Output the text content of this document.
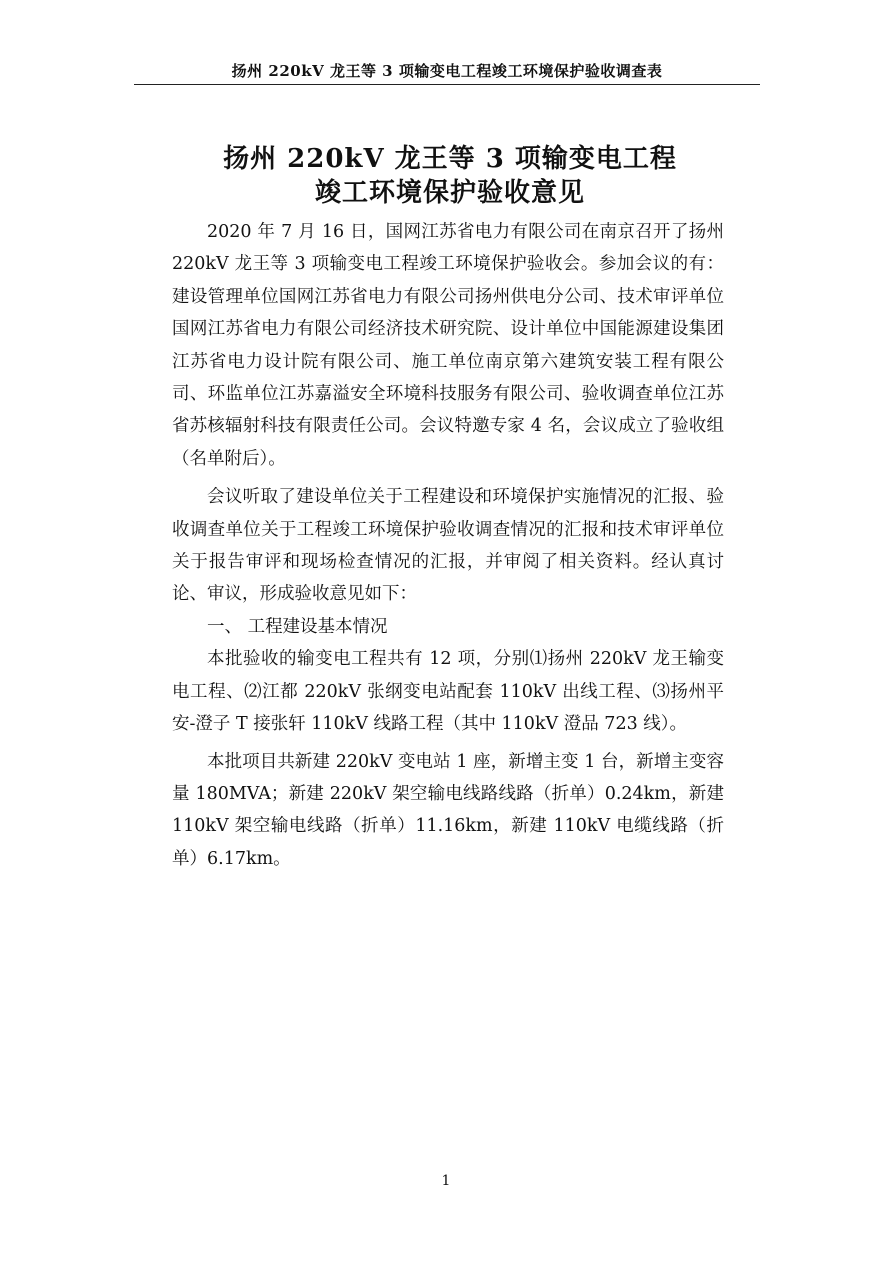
扬州 220kV 龙王等 3 项输变电工程竣工环境保护验收调查表
扬州 220kV 龙王等 3 项输变电工程
竣工环境保护验收意见

2020 年 7 月 16 日，国网江苏省电力有限公司在南京召开了扬州 220kV 龙王等 3 项输变电工程竣工环境保护验收会。参加会议的有：建设管理单位国网江苏省电力有限公司扬州供电分公司、技术审评单位国网江苏省电力有限公司经济技术研究院、设计单位中国能源建设集团江苏省电力设计院有限公司、施工单位南京第六建筑安装工程有限公司、环监单位江苏嘉溢安全环境科技服务有限公司、验收调查单位江苏省苏核辐射科技有限责任公司。会议特邀专家 4 名，会议成立了验收组（名单附后）。

会议听取了建设单位关于工程建设和环境保护实施情况的汇报、验收调查单位关于工程竣工环境保护验收调查情况的汇报和技术审评单位关于报告审评和现场检查情况的汇报，并审阅了相关资料。经认真讨论、审议，形成验收意见如下：

一、 工程建设基本情况

本批验收的输变电工程共有 12 项，分别⑴扬州 220kV 龙王输变电工程、⑵江都 220kV 张纲变电站配套 110kV 出线工程、⑶扬州平安-澄子 T 接张轩 110kV 线路工程（其中 110kV 澄品 723 线）。

本批项目共新建 220kV 变电站 1 座，新增主变 1 台，新增主变容量 180MVA；新建 220kV 架空输电线路线路（折单）0.24km，新建 110kV 架空输电线路（折单）11.16km，新建 110kV 电缆线路（折单）6.17km。

1
